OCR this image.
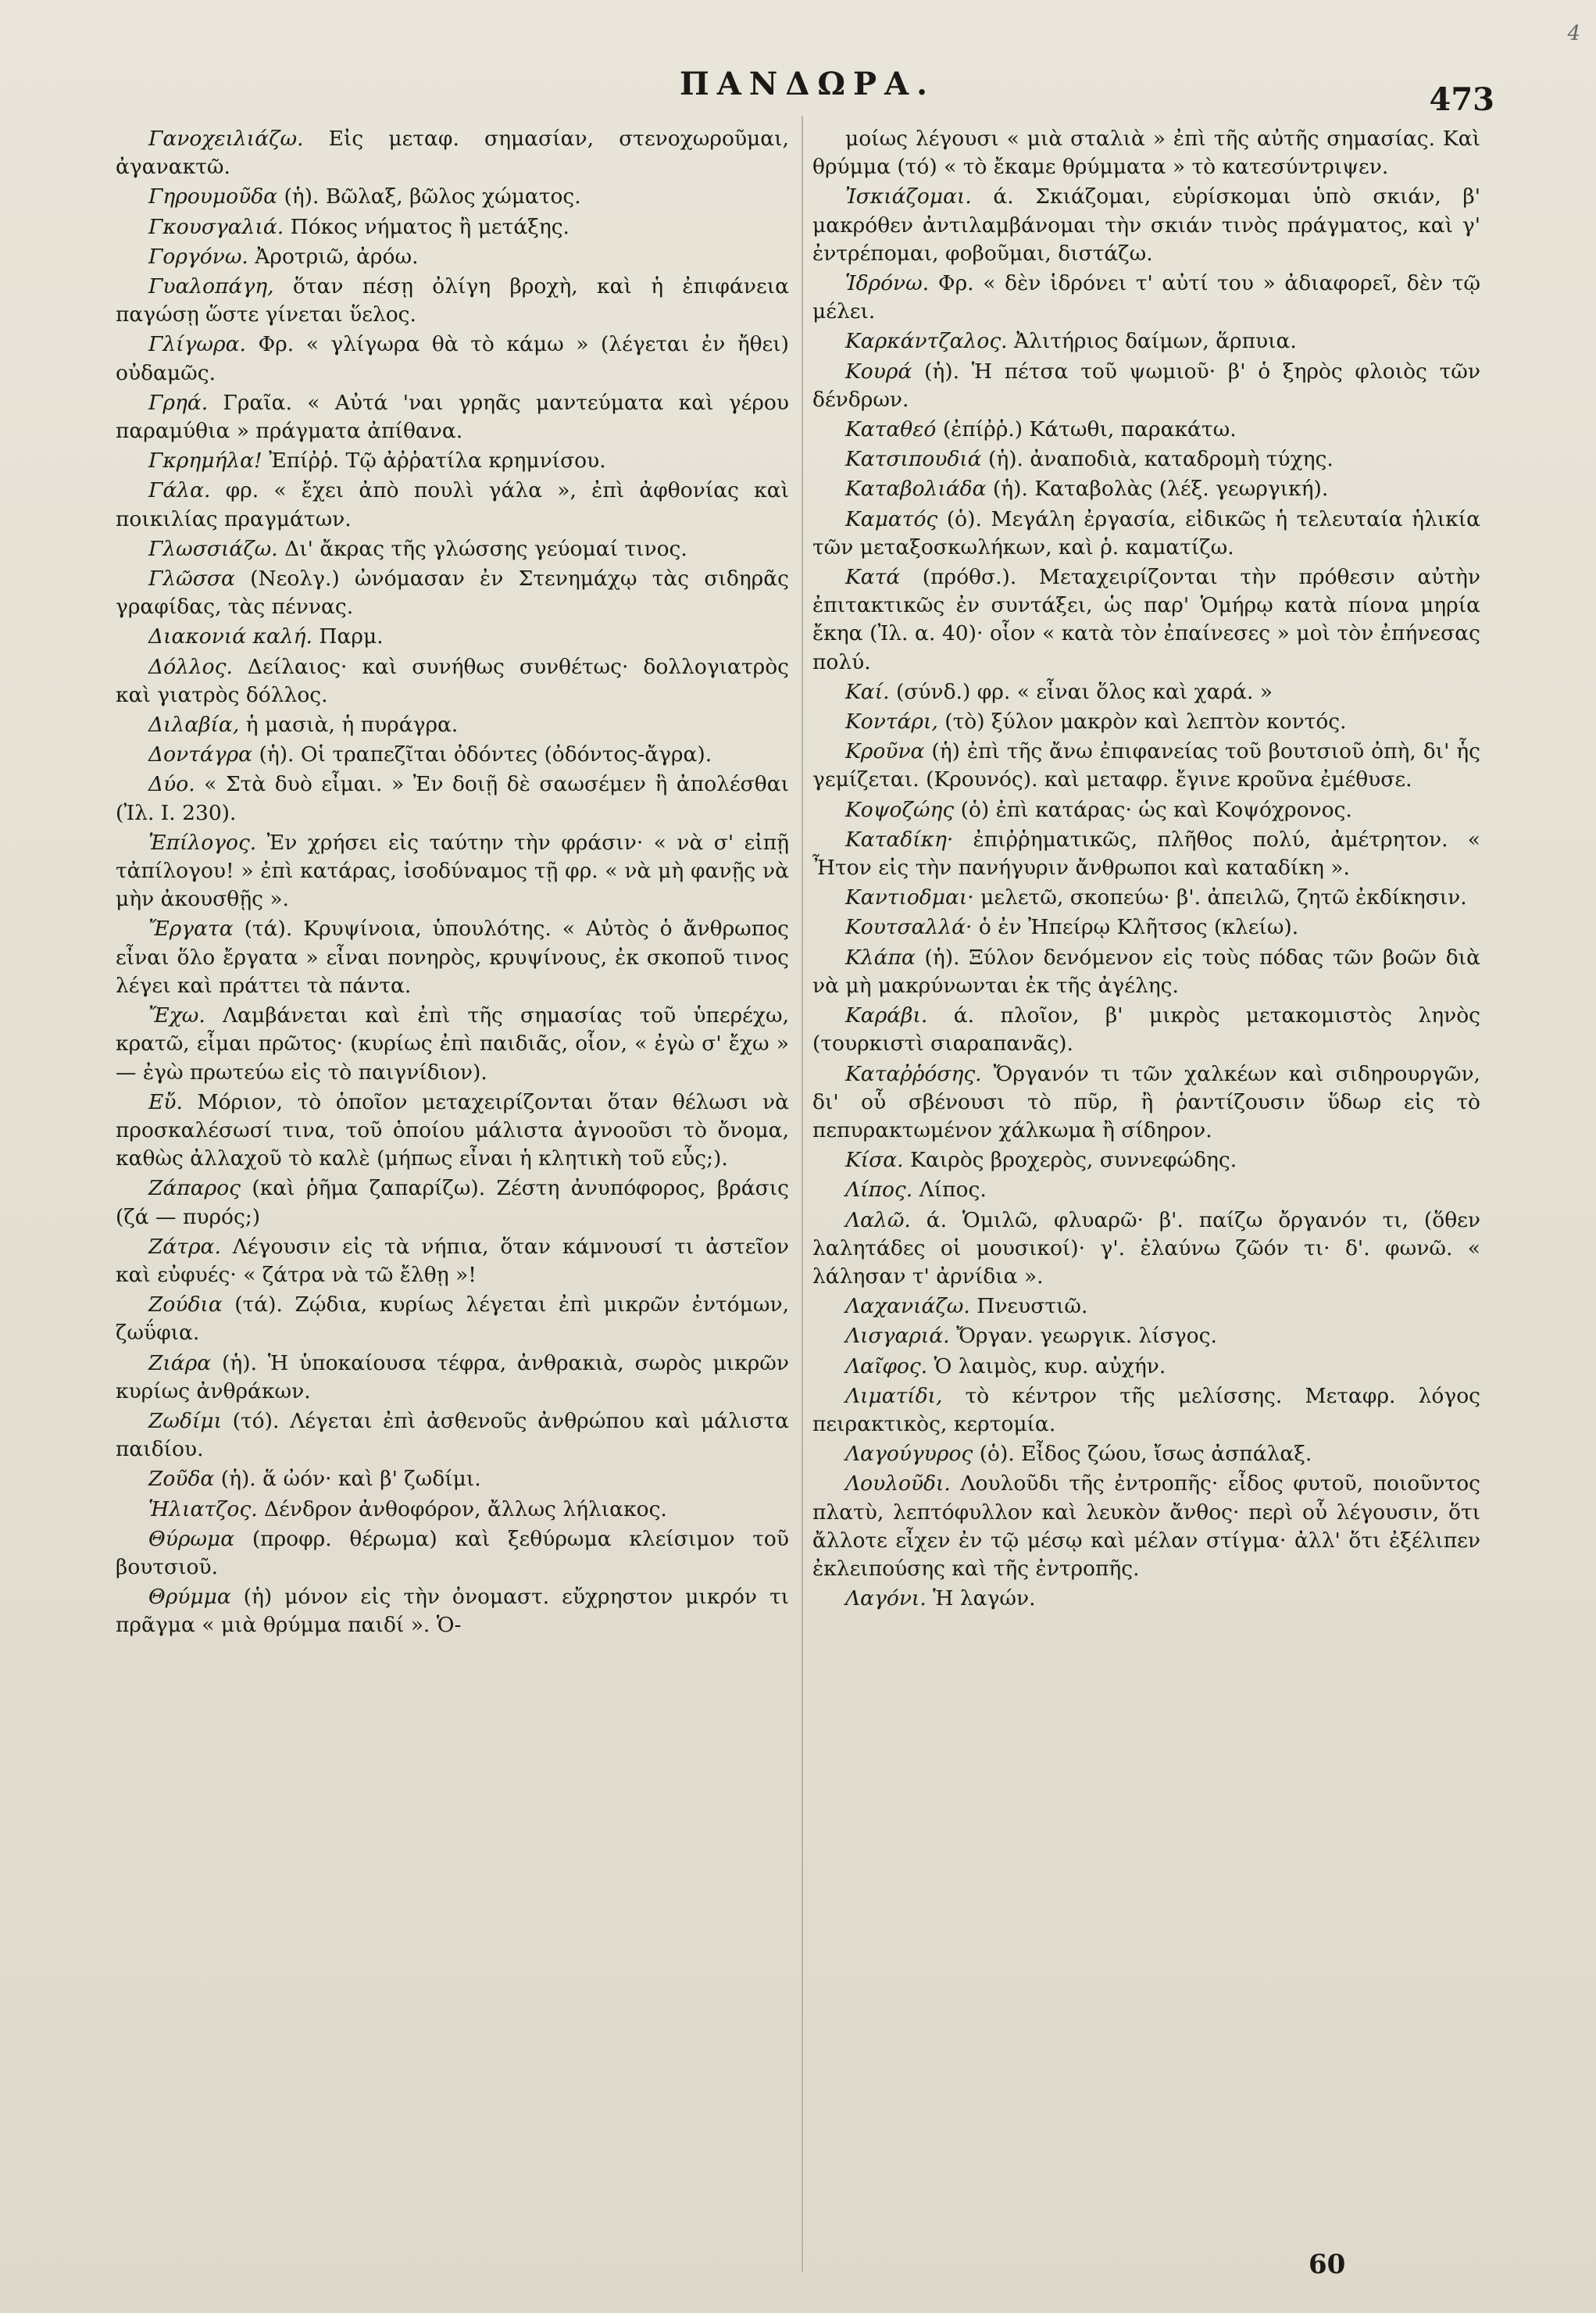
4
ΠΑΝΔΩΡΑ.	473

Γανοχειλιάζω. Εἰς μεταφ. σημασίαν, στενοχωροῦμαι, ἀγανακτῶ.

Γηρουμοῦδα (ἡ). Βῶλαξ, βῶλος χώματος.

Γκουσγαλιά. Πόκος νήματος ἢ μετάξης.

Γοργόνω. Ἀροτριῶ, ἀρόω.

Γυαλοπάγη, ὅταν πέσῃ ὀλίγη βροχὴ, καὶ ἡ ἐπιφάνεια παγώσῃ ὥστε γίνεται ὕελος.

Γλίγωρα. Φρ. « γλίγωρα θὰ τὸ κάμω » (λέγεται ἐν ἤθει) οὐδαμῶς.

Γρηά. Γραῖα. « Αὐτά 'ναι γρηᾶς μαντεύματα καὶ γέρου παραμύθια » πράγματα ἀπίθανα.

Γκρημήλα! Ἐπίῤῥ. Τῷ ἀῤῥατίλα κρημνίσου.

Γάλα. φρ. « ἔχει ἀπὸ πουλὶ γάλα », ἐπὶ ἀφθονίας καὶ ποικιλίας πραγμάτων.

Γλωσσιάζω. Δι' ἄκρας τῆς γλώσσης γεύομαί τινος.

Γλῶσσα (Νεολγ.) ὠνόμασαν ἐν Στενημάχῳ τὰς σιδηρᾶς γραφίδας, τὰς πέννας.

Διακονιά καλή. Παρμ.

Δόλλος. Δείλαιος· καὶ συνήθως συνθέτως· δολλογιατρὸς καὶ γιατρὸς δόλλος.

Διλαβία, ἡ μασιὰ, ἡ πυράγρα.

Δοντάγρα (ἡ). Οἱ τραπεζῖται ὀδόντες (ὀδόντος-ἄγρα).

Δύο. « Στὰ δυὸ εἶμαι. » Ἐν δοιῇ δὲ σαωσέμεν ἢ ἀπολέσθαι (Ἰλ. Ι. 230).

Ἐπίλογος. Ἐν χρήσει εἰς ταύτην τὴν φράσιν· « νὰ σ' εἰπῇ τἀπίλογου! » ἐπὶ κατάρας, ἰσοδύναμος τῇ φρ. « νὰ μὴ φανῇς νὰ μὴν ἀκουσθῇς ».

Ἔργατα (τά). Κρυψίνοια, ὑπουλότης. « Αὐτὸς ὁ ἄνθρωπος εἶναι ὅλο ἔργατα » εἶναι πονηρὸς, κρυψίνους, ἐκ σκοποῦ τινος λέγει καὶ πράττει τὰ πάντα.

Ἔχω. Λαμβάνεται καὶ ἐπὶ τῆς σημασίας τοῦ ὑπερέχω, κρατῶ, εἶμαι πρῶτος· (κυρίως ἐπὶ παιδιᾶς, οἷον, « ἐγὼ σ' ἔχω » — ἐγὼ πρωτεύω εἰς τὸ παιγνίδιον).

Εὔ. Μόριον, τὸ ὁποῖον μεταχειρίζονται ὅταν θέλωσι νὰ προσκαλέσωσί τινα, τοῦ ὁποίου μάλιστα ἀγνοοῦσι τὸ ὄνομα, καθὼς ἀλλαχοῦ τὸ καλὲ (μήπως εἶναι ἡ κλητικὴ τοῦ εὖς;).

Ζάπαρος (καὶ ῥῆμα ζαπαρίζω). Ζέστη ἀνυπόφορος, βράσις (ζά — πυρός;)

Ζάτρα. Λέγουσιν εἰς τὰ νήπια, ὅταν κάμνουσί τι ἀστεῖον καὶ εὐφυές· « ζάτρα νὰ τῶ ἔλθῃ »!

Ζούδια (τά). Ζῴδια, κυρίως λέγεται ἐπὶ μικρῶν ἐντόμων, ζωΰφια.

Ζιάρα (ἡ). Ἡ ὑποκαίουσα τέφρα, ἀνθρακιὰ, σωρὸς μικρῶν κυρίως ἀνθράκων.

Ζωδίμι (τό). Λέγεται ἐπὶ ἀσθενοῦς ἀνθρώπου καὶ μάλιστα παιδίου.

Ζοῦδα (ἡ). ἅ ὠόν· καὶ β' ζωδίμι.

Ἡλιατζος. Δένδρον ἀνθοφόρον, ἄλλως λήλιακος.

Θύρωμα (προφρ. θέρωμα) καὶ ξεθύρωμα κλείσιμον τοῦ βουτσιοῦ.

Θρύμμα (ἡ) μόνον εἰς τὴν ὀνομαστ. εὔχρηστον μικρόν τι πρᾶγμα « μιὰ θρύμμα παιδί ». Ὁ-

μοίως λέγουσι « μιὰ σταλιὰ » ἐπὶ τῆς αὐτῆς σημασίας. Καὶ θρύμμα (τό) « τὸ ἔκαμε θρύμματα » τὸ κατεσύντριψεν.

Ἰσκιάζομαι. ά. Σκιάζομαι, εὑρίσκομαι ὑπὸ σκιάν, β' μακρόθεν ἀντιλαμβάνομαι τὴν σκιάν τινὸς πράγματος, καὶ γ' ἐντρέπομαι, φοβοῦμαι, διστάζω.

Ἱδρόνω. Φρ. « δὲν ἱδρόνει τ' αὐτί του » ἀδιαφορεῖ, δὲν τῷ μέλει.

Καρκάντζαλος. Ἀλιτήριος δαίμων, ἅρπυια.

Κουρά (ἡ). Ἡ πέτσα τοῦ ψωμιοῦ· β' ὁ ξηρὸς φλοιὸς τῶν δένδρων.

Καταθεό (ἐπίῤῥ.) Κάτωθι, παρακάτω.

Κατσιπουδιά (ἡ). ἀναποδιὰ, καταδρομὴ τύχης.

Καταβολιάδα (ἡ). Καταβολὰς (λέξ. γεωργική).

Καματός (ὁ). Μεγάλη ἐργασία, εἰδικῶς ἡ τελευταία ἡλικία τῶν μεταξοσκωλήκων, καὶ ῥ. καματίζω.

Κατά (πρόθσ.). Μεταχειρίζονται τὴν πρόθεσιν αὐτὴν ἐπιτακτικῶς ἐν συντάξει, ὡς παρ' Ὁμήρῳ κατὰ πίονα μηρία ἔκηα (Ἰλ. α. 40)· οἷον « κατὰ τὸν ἐπαίνεσες » μοὶ τὸν ἐπήνεσας πολύ.

Καί. (σύνδ.) φρ. « εἶναι ὅλος καὶ χαρά. »

Κοντάρι, (τὸ) ξύλον μακρὸν καὶ λεπτὸν κοντός.

Κροῦνα (ἡ) ἐπὶ τῆς ἄνω ἐπιφανείας τοῦ βουτσιοῦ ὀπὴ, δι' ἧς γεμίζεται. (Κρουνός). καὶ μεταφρ. ἔγινε κροῦνα ἐμέθυσε.

Κοψοζώης (ὁ) ἐπὶ κατάρας· ὡς καὶ Κοψόχρονος.

Καταδίκη· ἐπιῤῥηματικῶς, πλῆθος πολύ, ἀμέτρητον. « Ἦτον εἰς τὴν πανήγυριν ἄνθρωποι καὶ καταδίκη ».

Καντιοδμαι· μελετῶ, σκοπεύω· β'. ἀπειλῶ, ζητῶ ἐκδίκησιν.

Κουτσαλλά· ὁ ἐν Ἠπείρῳ Κλῆτσος (κλείω).

Κλάπα (ἡ). Ξύλον δενόμενον εἰς τοὺς πόδας τῶν βοῶν διὰ νὰ μὴ μακρύνωνται ἐκ τῆς ἀγέλης.

Καράβι. ά. πλοῖον, β' μικρὸς μετακομιστὸς ληνὸς (τουρκιστὶ σιαραπανᾶς).

Καταῤῥόσης. Ὄργανόν τι τῶν χαλκέων καὶ σιδηρουργῶν, δι' οὗ σβένουσι τὸ πῦρ, ἢ ῥαντίζουσιν ὕδωρ εἰς τὸ πεπυρακτωμένον χάλκωμα ἢ σίδηρον.

Κίσα. Καιρὸς βροχερὸς, συννεφώδης.

Λίπος. Λίπος.

Λαλῶ. ά. Ὁμιλῶ, φλυαρῶ· β'. παίζω ὄργανόν τι, (ὅθεν λαλητάδες οἱ μουσικοί)· γ'. ἐλαύνω ζῶόν τι· δ'. φωνῶ. « λάλησαν τ' ἀρνίδια ».

Λαχανιάζω. Πνευστιῶ.

Λισγαριά. Ὄργαν. γεωργικ. λίσγος.

Λαῖφος. Ὁ λαιμὸς, κυρ. αὐχήν.

Λιματίδι, τὸ κέντρον τῆς μελίσσης. Μεταφρ. λόγος πειρακτικὸς, κερτομία.

Λαγούγυρος (ὁ). Εἶδος ζώου, ἴσως ἀσπάλαξ.

Λουλοῦδι. Λουλοῦδι τῆς ἐντροπῆς· εἶδος φυτοῦ, ποιοῦντος πλατὺ, λεπτόφυλλον καὶ λευκὸν ἄνθος· περὶ οὗ λέγουσιν, ὅτι ἄλλοτε εἶχεν ἐν τῷ μέσῳ καὶ μέλαν στίγμα· ἀλλ' ὅτι ἐξέλιπεν ἐκλειπούσης καὶ τῆς ἐντροπῆς.

Λαγόνι. Ἡ λαγών.

60
